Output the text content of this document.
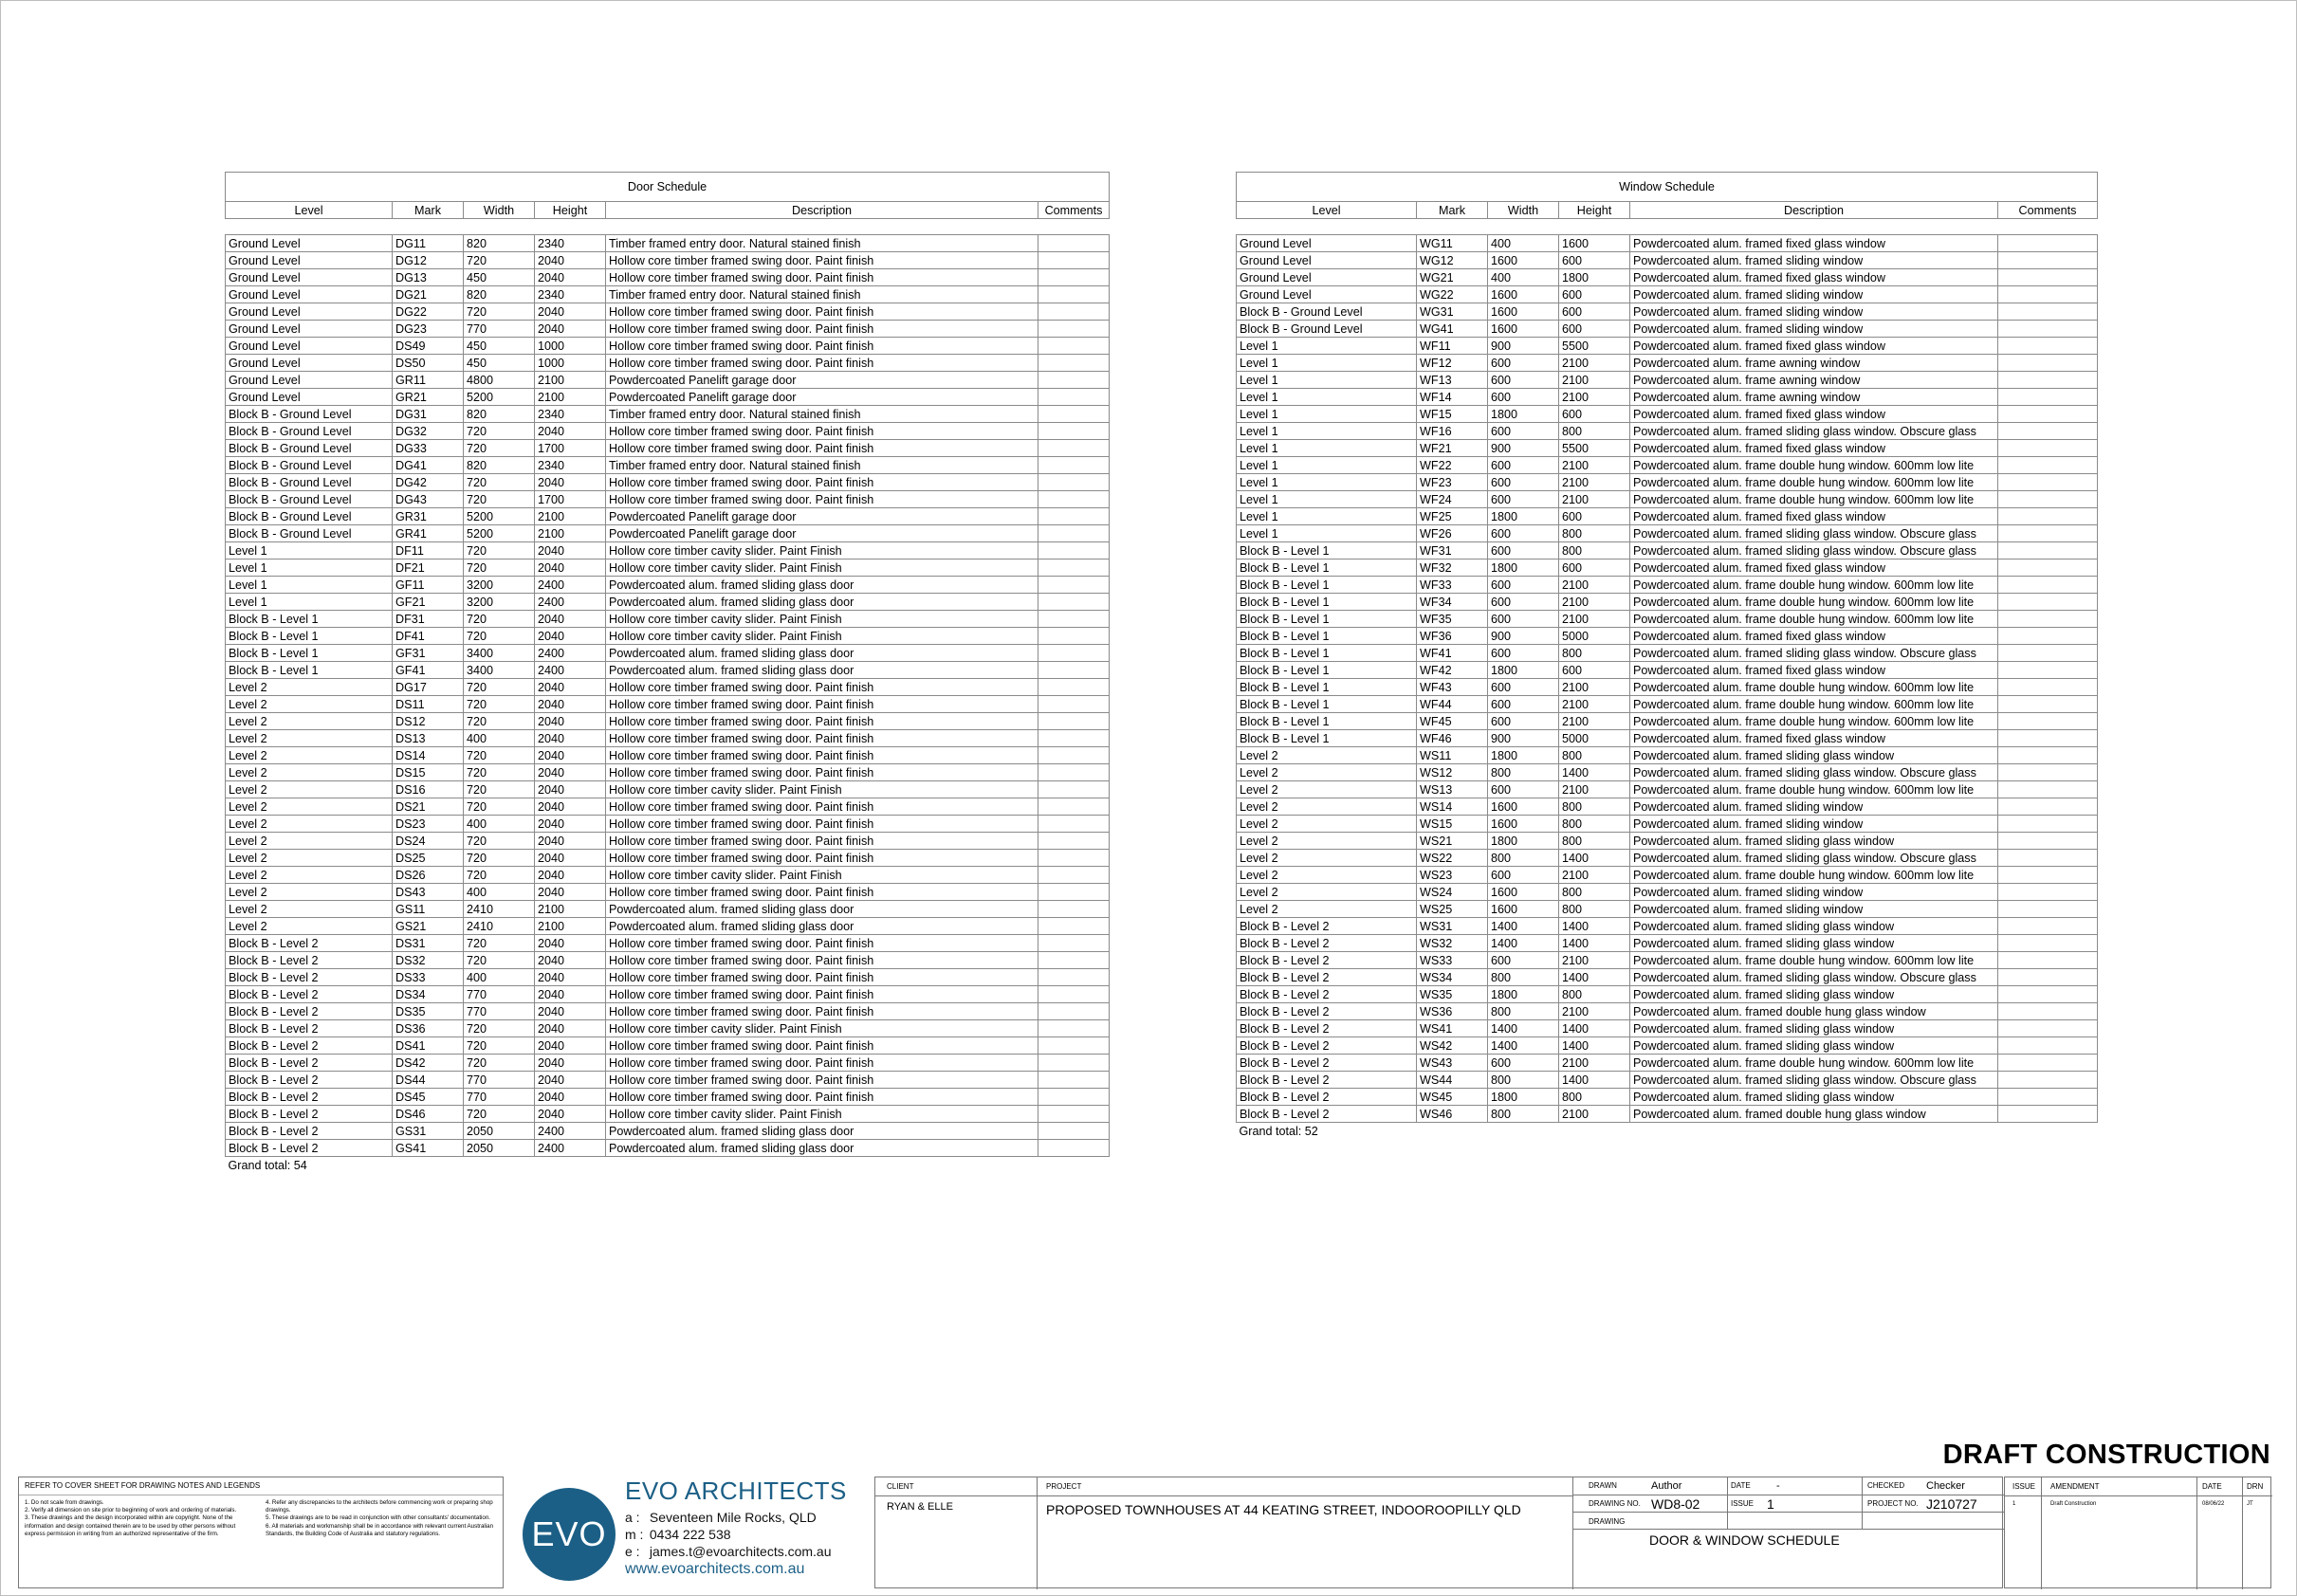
Door Schedule					
Level	Mark	Width	Height	Description	Comments

Ground Level	DG11	820	2340	Timber framed entry door. Natural stained finish	
Ground Level	DG12	720	2040	Hollow core timber framed swing door. Paint finish	
Ground Level	DG13	450	2040	Hollow core timber framed swing door. Paint finish	
Ground Level	DG21	820	2340	Timber framed entry door. Natural stained finish	
Ground Level	DG22	720	2040	Hollow core timber framed swing door. Paint finish	
Ground Level	DG23	770	2040	Hollow core timber framed swing door. Paint finish	
Ground Level	DS49	450	1000	Hollow core timber framed swing door. Paint finish	
Ground Level	DS50	450	1000	Hollow core timber framed swing door. Paint finish	
Ground Level	GR11	4800	2100	Powdercoated Panelift garage door	
Ground Level	GR21	5200	2100	Powdercoated Panelift garage door	
Block B - Ground Level	DG31	820	2340	Timber framed entry door. Natural stained finish	
Block B - Ground Level	DG32	720	2040	Hollow core timber framed swing door. Paint finish	
Block B - Ground Level	DG33	720	1700	Hollow core timber framed swing door. Paint finish	
Block B - Ground Level	DG41	820	2340	Timber framed entry door. Natural stained finish	
Block B - Ground Level	DG42	720	2040	Hollow core timber framed swing door. Paint finish	
Block B - Ground Level	DG43	720	1700	Hollow core timber framed swing door. Paint finish	
Block B - Ground Level	GR31	5200	2100	Powdercoated Panelift garage door	
Block B - Ground Level	GR41	5200	2100	Powdercoated Panelift garage door	
Level 1	DF11	720	2040	Hollow core timber cavity slider. Paint Finish	
Level 1	DF21	720	2040	Hollow core timber cavity slider. Paint Finish	
Level 1	GF11	3200	2400	Powdercoated alum. framed sliding glass door	
Level 1	GF21	3200	2400	Powdercoated alum. framed sliding glass door	
Block B - Level 1	DF31	720	2040	Hollow core timber cavity slider. Paint Finish	
Block B - Level 1	DF41	720	2040	Hollow core timber cavity slider. Paint Finish	
Block B - Level 1	GF31	3400	2400	Powdercoated alum. framed sliding glass door	
Block B - Level 1	GF41	3400	2400	Powdercoated alum. framed sliding glass door	
Level 2	DG17	720	2040	Hollow core timber framed swing door. Paint finish	
Level 2	DS11	720	2040	Hollow core timber framed swing door. Paint finish	
Level 2	DS12	720	2040	Hollow core timber framed swing door. Paint finish	
Level 2	DS13	400	2040	Hollow core timber framed swing door. Paint finish	
Level 2	DS14	720	2040	Hollow core timber framed swing door. Paint finish	
Level 2	DS15	720	2040	Hollow core timber framed swing door. Paint finish	
Level 2	DS16	720	2040	Hollow core timber cavity slider. Paint Finish	
Level 2	DS21	720	2040	Hollow core timber framed swing door. Paint finish	
Level 2	DS23	400	2040	Hollow core timber framed swing door. Paint finish	
Level 2	DS24	720	2040	Hollow core timber framed swing door. Paint finish	
Level 2	DS25	720	2040	Hollow core timber framed swing door. Paint finish	
Level 2	DS26	720	2040	Hollow core timber cavity slider. Paint Finish	
Level 2	DS43	400	2040	Hollow core timber framed swing door. Paint finish	
Level 2	GS11	2410	2100	Powdercoated alum. framed sliding glass door	
Level 2	GS21	2410	2100	Powdercoated alum. framed sliding glass door	
Block B - Level 2	DS31	720	2040	Hollow core timber framed swing door. Paint finish	
Block B - Level 2	DS32	720	2040	Hollow core timber framed swing door. Paint finish	
Block B - Level 2	DS33	400	2040	Hollow core timber framed swing door. Paint finish	
Block B - Level 2	DS34	770	2040	Hollow core timber framed swing door. Paint finish	
Block B - Level 2	DS35	770	2040	Hollow core timber framed swing door. Paint finish	
Block B - Level 2	DS36	720	2040	Hollow core timber cavity slider. Paint Finish	
Block B - Level 2	DS41	720	2040	Hollow core timber framed swing door. Paint finish	
Block B - Level 2	DS42	720	2040	Hollow core timber framed swing door. Paint finish	
Block B - Level 2	DS44	770	2040	Hollow core timber framed swing door. Paint finish	
Block B - Level 2	DS45	770	2040	Hollow core timber framed swing door. Paint finish	
Block B - Level 2	DS46	720	2040	Hollow core timber cavity slider. Paint Finish	
Block B - Level 2	GS31	2050	2400	Powdercoated alum. framed sliding glass door	
Block B - Level 2	GS41	2050	2400	Powdercoated alum. framed sliding glass door	
Grand total: 54					
Window Schedule					
Level	Mark	Width	Height	Description	Comments

Ground Level	WG11	400	1600	Powdercoated alum. framed fixed glass window	
Ground Level	WG12	1600	600	Powdercoated alum. framed sliding window	
Ground Level	WG21	400	1800	Powdercoated alum. framed fixed glass window	
Ground Level	WG22	1600	600	Powdercoated alum. framed sliding window	
Block B - Ground Level	WG31	1600	600	Powdercoated alum. framed sliding window	
Block B - Ground Level	WG41	1600	600	Powdercoated alum. framed sliding window	
Level 1	WF11	900	5500	Powdercoated alum. framed fixed glass window	
Level 1	WF12	600	2100	Powdercoated alum. frame awning window	
Level 1	WF13	600	2100	Powdercoated alum. frame awning window	
Level 1	WF14	600	2100	Powdercoated alum. frame awning window	
Level 1	WF15	1800	600	Powdercoated alum. framed fixed glass window	
Level 1	WF16	600	800	Powdercoated alum. framed sliding glass window. Obscure glass	
Level 1	WF21	900	5500	Powdercoated alum. framed fixed glass window	
Level 1	WF22	600	2100	Powdercoated alum. frame double hung window. 600mm low lite	
Level 1	WF23	600	2100	Powdercoated alum. frame double hung window. 600mm low lite	
Level 1	WF24	600	2100	Powdercoated alum. frame double hung window. 600mm low lite	
Level 1	WF25	1800	600	Powdercoated alum. framed fixed glass window	
Level 1	WF26	600	800	Powdercoated alum. framed sliding glass window. Obscure glass	
Block B - Level 1	WF31	600	800	Powdercoated alum. framed sliding glass window. Obscure glass	
Block B - Level 1	WF32	1800	600	Powdercoated alum. framed fixed glass window	
Block B - Level 1	WF33	600	2100	Powdercoated alum. frame double hung window. 600mm low lite	
Block B - Level 1	WF34	600	2100	Powdercoated alum. frame double hung window. 600mm low lite	
Block B - Level 1	WF35	600	2100	Powdercoated alum. frame double hung window. 600mm low lite	
Block B - Level 1	WF36	900	5000	Powdercoated alum. framed fixed glass window	
Block B - Level 1	WF41	600	800	Powdercoated alum. framed sliding glass window. Obscure glass	
Block B - Level 1	WF42	1800	600	Powdercoated alum. framed fixed glass window	
Block B - Level 1	WF43	600	2100	Powdercoated alum. frame double hung window. 600mm low lite	
Block B - Level 1	WF44	600	2100	Powdercoated alum. frame double hung window. 600mm low lite	
Block B - Level 1	WF45	600	2100	Powdercoated alum. frame double hung window. 600mm low lite	
Block B - Level 1	WF46	900	5000	Powdercoated alum. framed fixed glass window	
Level 2	WS11	1800	800	Powdercoated alum. framed sliding glass window	
Level 2	WS12	800	1400	Powdercoated alum. framed sliding glass window. Obscure glass	
Level 2	WS13	600	2100	Powdercoated alum. frame double hung window. 600mm low lite	
Level 2	WS14	1600	800	Powdercoated alum. framed sliding window	
Level 2	WS15	1600	800	Powdercoated alum. framed sliding window	
Level 2	WS21	1800	800	Powdercoated alum. framed sliding glass window	
Level 2	WS22	800	1400	Powdercoated alum. framed sliding glass window. Obscure glass	
Level 2	WS23	600	2100	Powdercoated alum. frame double hung window. 600mm low lite	
Level 2	WS24	1600	800	Powdercoated alum. framed sliding window	
Level 2	WS25	1600	800	Powdercoated alum. framed sliding window	
Block B - Level 2	WS31	1400	1400	Powdercoated alum. framed sliding glass window	
Block B - Level 2	WS32	1400	1400	Powdercoated alum. framed sliding glass window	
Block B - Level 2	WS33	600	2100	Powdercoated alum. frame double hung window. 600mm low lite	
Block B - Level 2	WS34	800	1400	Powdercoated alum. framed sliding glass window. Obscure glass	
Block B - Level 2	WS35	1800	800	Powdercoated alum. framed sliding glass window	
Block B - Level 2	WS36	800	2100	Powdercoated alum. framed double hung glass window	
Block B - Level 2	WS41	1400	1400	Powdercoated alum. framed sliding glass window	
Block B - Level 2	WS42	1400	1400	Powdercoated alum. framed sliding glass window	
Block B - Level 2	WS43	600	2100	Powdercoated alum. frame double hung window. 600mm low lite	
Block B - Level 2	WS44	800	1400	Powdercoated alum. framed sliding glass window. Obscure glass	
Block B - Level 2	WS45	1800	800	Powdercoated alum. framed sliding glass window	
Block B - Level 2	WS46	800	2100	Powdercoated alum. framed double hung glass window	
Grand total: 52					
DRAFT CONSTRUCTION
REFER TO COVER SHEET FOR DRAWING NOTES AND LEGENDS
1. Do not scale from drawings.
2. Verify all dimension on site prior to beginning of work and ordering of materials.
3. These drawings and the design incorporated within are copyright. None of the information and design contained therein are to be used by other persons without express permission in writing from an authorized representative of the firm.
4. Refer any discrepancies to the architects before commencing work or preparing shop drawings.
5. These drawings are to be read in conjunction with other consultants' documentation.
6. All materials and workmanship shall be in accordance with relevant current Australian Standards, the Building Code of Australia and statutory regulations.	EVO
EVO ARCHITECTS
a : Seventeen Mile Rocks, QLD
m : 0434 222 538
e : james.t@evoarchitects.com.au
www.evoarchitects.com.au
CLIENT
RYAN & ELLE
PROJECT
PROPOSED TOWNHOUSES AT 44 KEATING STREET, INDOOROOPILLY QLD
DRAWN	Author	DATE -	CHECKED Checker
DRAWING NO. WD8-02	ISSUE 1	PROJECT NO. J210727
DRAWING
DOOR & WINDOW SCHEDULE
ISSUE AMENDMENT	DATE	DRN
1	Draft Construction	08/06/22	JT
